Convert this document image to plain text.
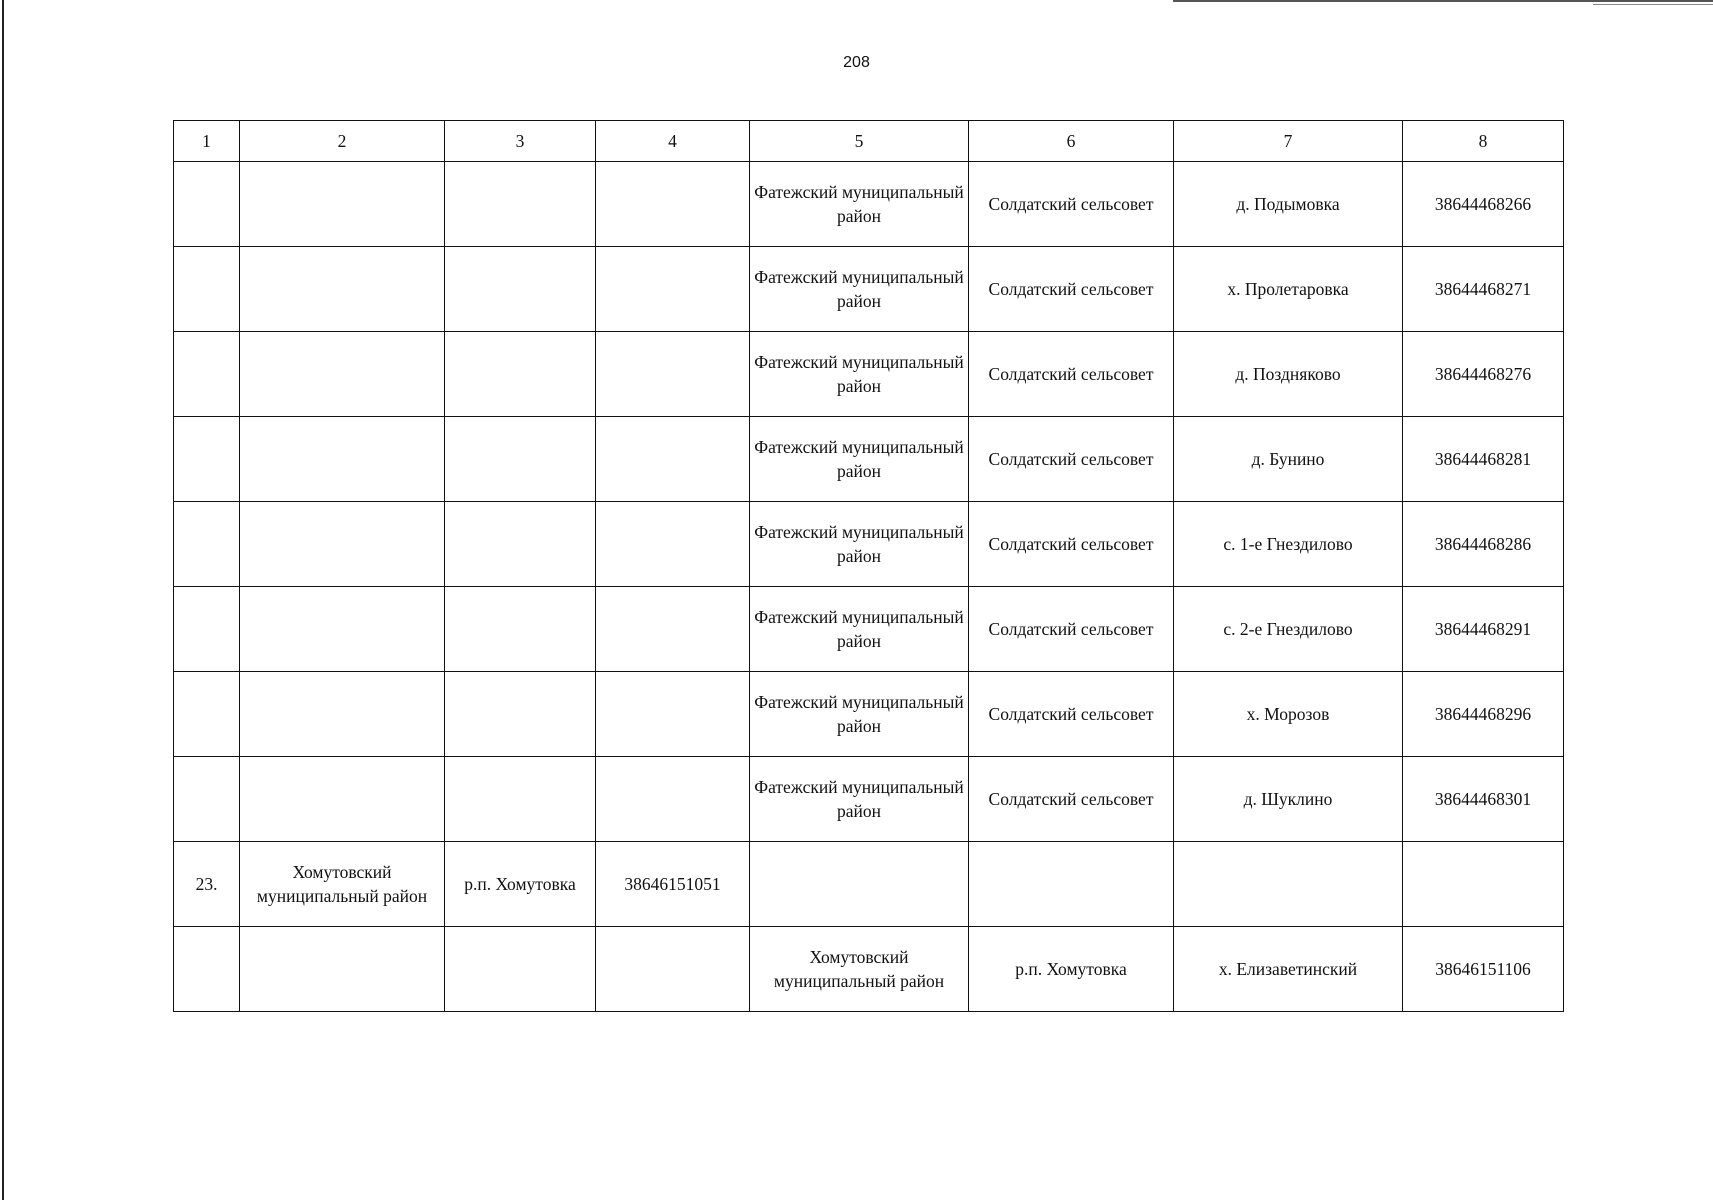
208
1	2	3	4	5	6	7	8
				Фатежский муниципальный район	Солдатский сельсовет	д. Подымовка	38644468266
				Фатежский муниципальный район	Солдатский сельсовет	х. Пролетаровка	38644468271
				Фатежский муниципальный район	Солдатский сельсовет	д. Поздняково	38644468276
				Фатежский муниципальный район	Солдатский сельсовет	д. Бунино	38644468281
				Фатежский муниципальный район	Солдатский сельсовет	с. 1-е Гнездилово	38644468286
				Фатежский муниципальный район	Солдатский сельсовет	с. 2-е Гнездилово	38644468291
				Фатежский муниципальный район	Солдатский сельсовет	х. Морозов	38644468296
				Фатежский муниципальный район	Солдатский сельсовет	д. Шуклино	38644468301
23.	Хомутовский муниципальный район	р.п. Хомутовка	38646151051				
				Хомутовский муниципальный район	р.п. Хомутовка	х. Елизаветинский	38646151106
